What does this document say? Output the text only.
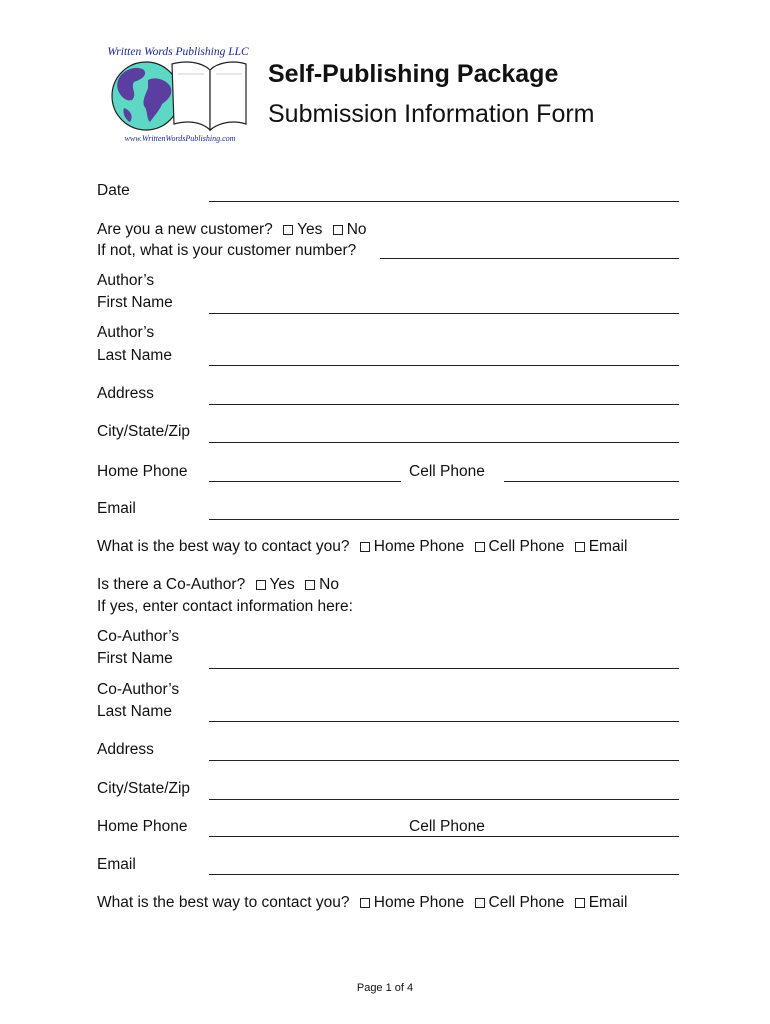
Written Words Publishing LLC
www.WrittenWordsPublishing.com
Self-Publishing Package
Submission Information Form
Date
Are you a new customer? Yes No
If not, what is your customer number?
Author’s
First Name
Author’s
Last Name
Address
City/State/Zip
Home Phone	Cell Phone
Email
What is the best way to contact you? Home Phone Cell Phone Email
Is there a Co-Author? Yes No
If yes, enter contact information here:
Co-Author’s
First Name
Co-Author’s
Last Name
Address
City/State/Zip
Home Phone	Cell Phone
Email
What is the best way to contact you? Home Phone Cell Phone Email
Page 1 of 4
